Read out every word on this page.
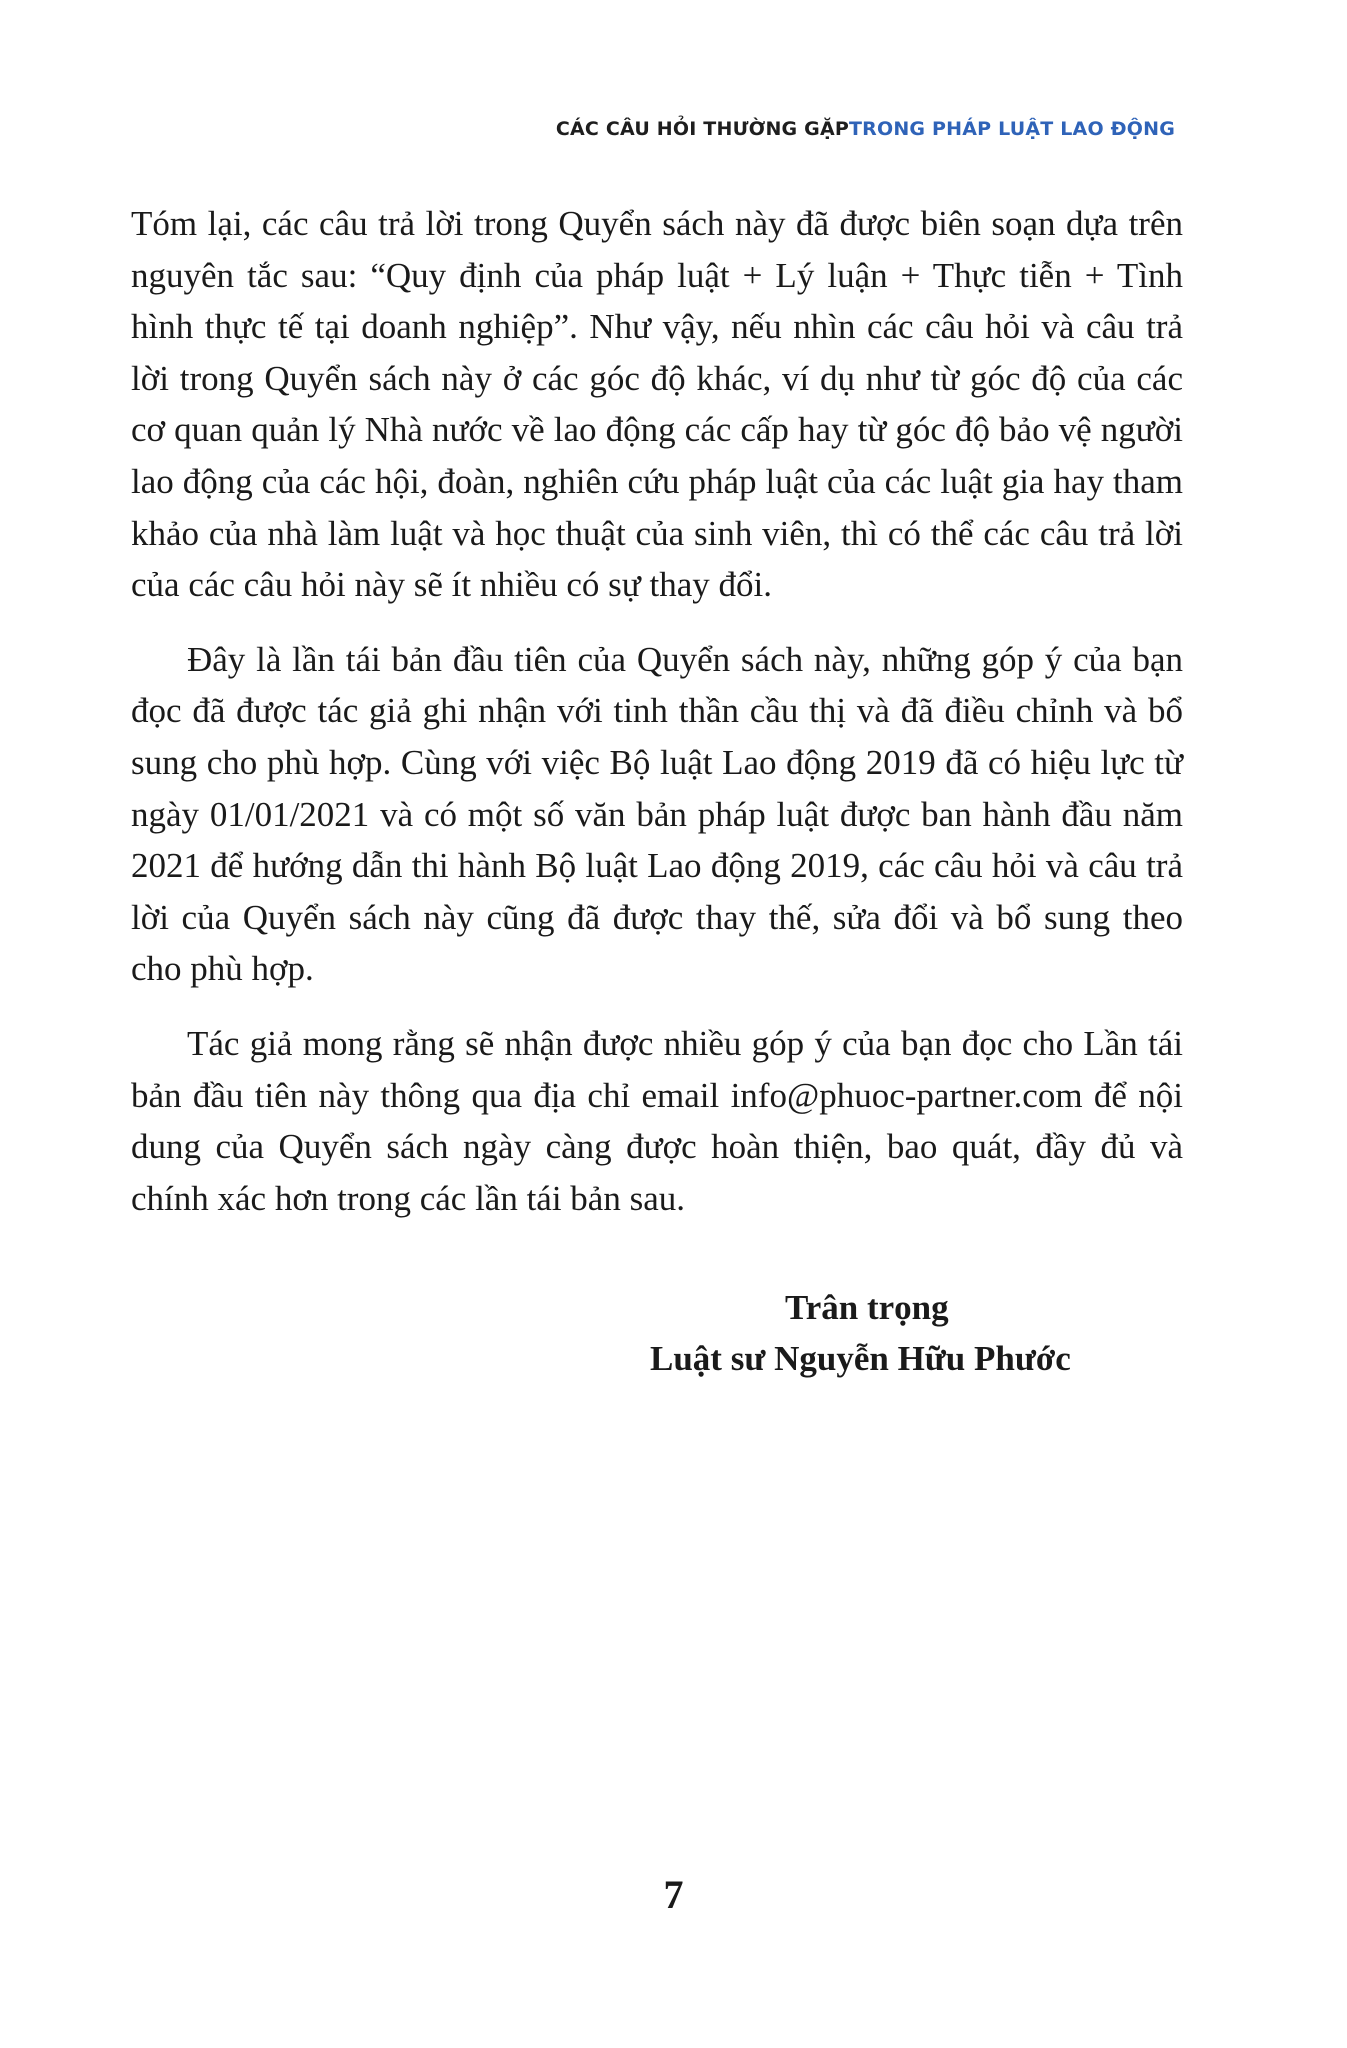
CÁC CÂU HỎI THƯỜNG GẶPTRONG PHÁP LUẬT LAO ĐỘNG

Tóm lại, các câu trả lời trong Quyển sách này đã được biên soạn dựa trên nguyên tắc sau: “Quy định của pháp luật + Lý luận + Thực tiễn + Tình hình thực tế tại doanh nghiệp”. Như vậy, nếu nhìn các câu hỏi và câu trả lời trong Quyển sách này ở các góc độ khác, ví dụ như từ góc độ của các cơ quan quản lý Nhà nước về lao động các cấp hay từ góc độ bảo vệ người lao động của các hội, đoàn, nghiên cứu pháp luật của các luật gia hay tham khảo của nhà làm luật và học thuật của sinh viên, thì có thể các câu trả lời của các câu hỏi này sẽ ít nhiều có sự thay đổi.

Đây là lần tái bản đầu tiên của Quyển sách này, những góp ý của bạn đọc đã được tác giả ghi nhận với tinh thần cầu thị và đã điều chỉnh và bổ sung cho phù hợp. Cùng với việc Bộ luật Lao động 2019 đã có hiệu lực từ ngày 01/01/2021 và có một số văn bản pháp luật được ban hành đầu năm 2021 để hướng dẫn thi hành Bộ luật Lao động 2019, các câu hỏi và câu trả lời của Quyển sách này cũng đã được thay thế, sửa đổi và bổ sung theo cho phù hợp.

Tác giả mong rằng sẽ nhận được nhiều góp ý của bạn đọc cho Lần tái bản đầu tiên này thông qua địa chỉ email info@phuoc-partner.com để nội dung của Quyển sách ngày càng được hoàn thiện, bao quát, đầy đủ và chính xác hơn trong các lần tái bản sau.

Trân trọng
Luật sư Nguyễn Hữu Phước
7
